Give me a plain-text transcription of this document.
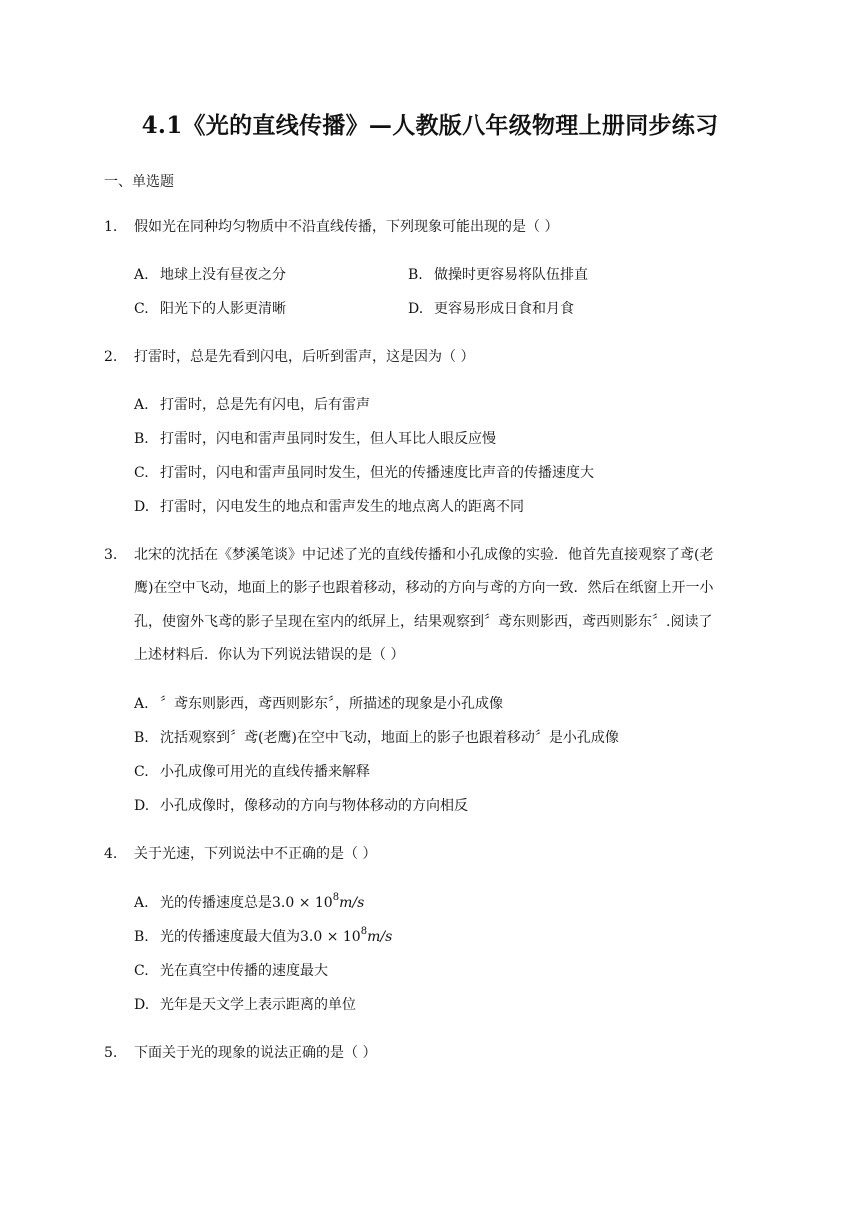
4.1《光的直线传播》—人教版八年级物理上册同步练习
一、单选题
1. 假如光在同种均匀物质中不沿直线传播，下列现象可能出现的是（ ）
A. 地球上没有昼夜之分	B. 做操时更容易将队伍排直
C. 阳光下的人影更清晰	D. 更容易形成日食和月食
2. 打雷时，总是先看到闪电，后听到雷声，这是因为（ ）
A. 打雷时，总是先有闪电，后有雷声
B. 打雷时，闪电和雷声虽同时发生，但人耳比人眼反应慢
C. 打雷时，闪电和雷声虽同时发生，但光的传播速度比声音的传播速度大
D. 打雷时，闪电发生的地点和雷声发生的地点离人的距离不同
3. 北宋的沈括在《梦溪笔谈》中记述了光的直线传播和小孔成像的实验．他首先直接观察了鸢(老
鹰)在空中飞动，地面上的影子也跟着移动，移动的方向与鸢的方向一致．然后在纸窗上开一小
孔，使窗外飞鸢的影子呈现在室内的纸屏上，结果观察到〞鸢东则影西，鸢西则影东〞.阅读了
上述材料后．你认为下列说法错误的是（ ）
A. 〞鸢东则影西，鸢西则影东〞，所描述的现象是小孔成像
B. 沈括观察到〞鸢(老鹰)在空中飞动，地面上的影子也跟着移动〞是小孔成像
C. 小孔成像可用光的直线传播来解释
D. 小孔成像时，像移动的方向与物体移动的方向相反
4. 关于光速，下列说法中不正确的是（ ）
A. 光的传播速度总是$3.0 \times 10^8m/s$
B. 光的传播速度最大值为$3.0 \times 10^8m/s$
C. 光在真空中传播的速度最大
D. 光年是天文学上表示距离的单位
5. 下面关于光的现象的说法正确的是（ ）
